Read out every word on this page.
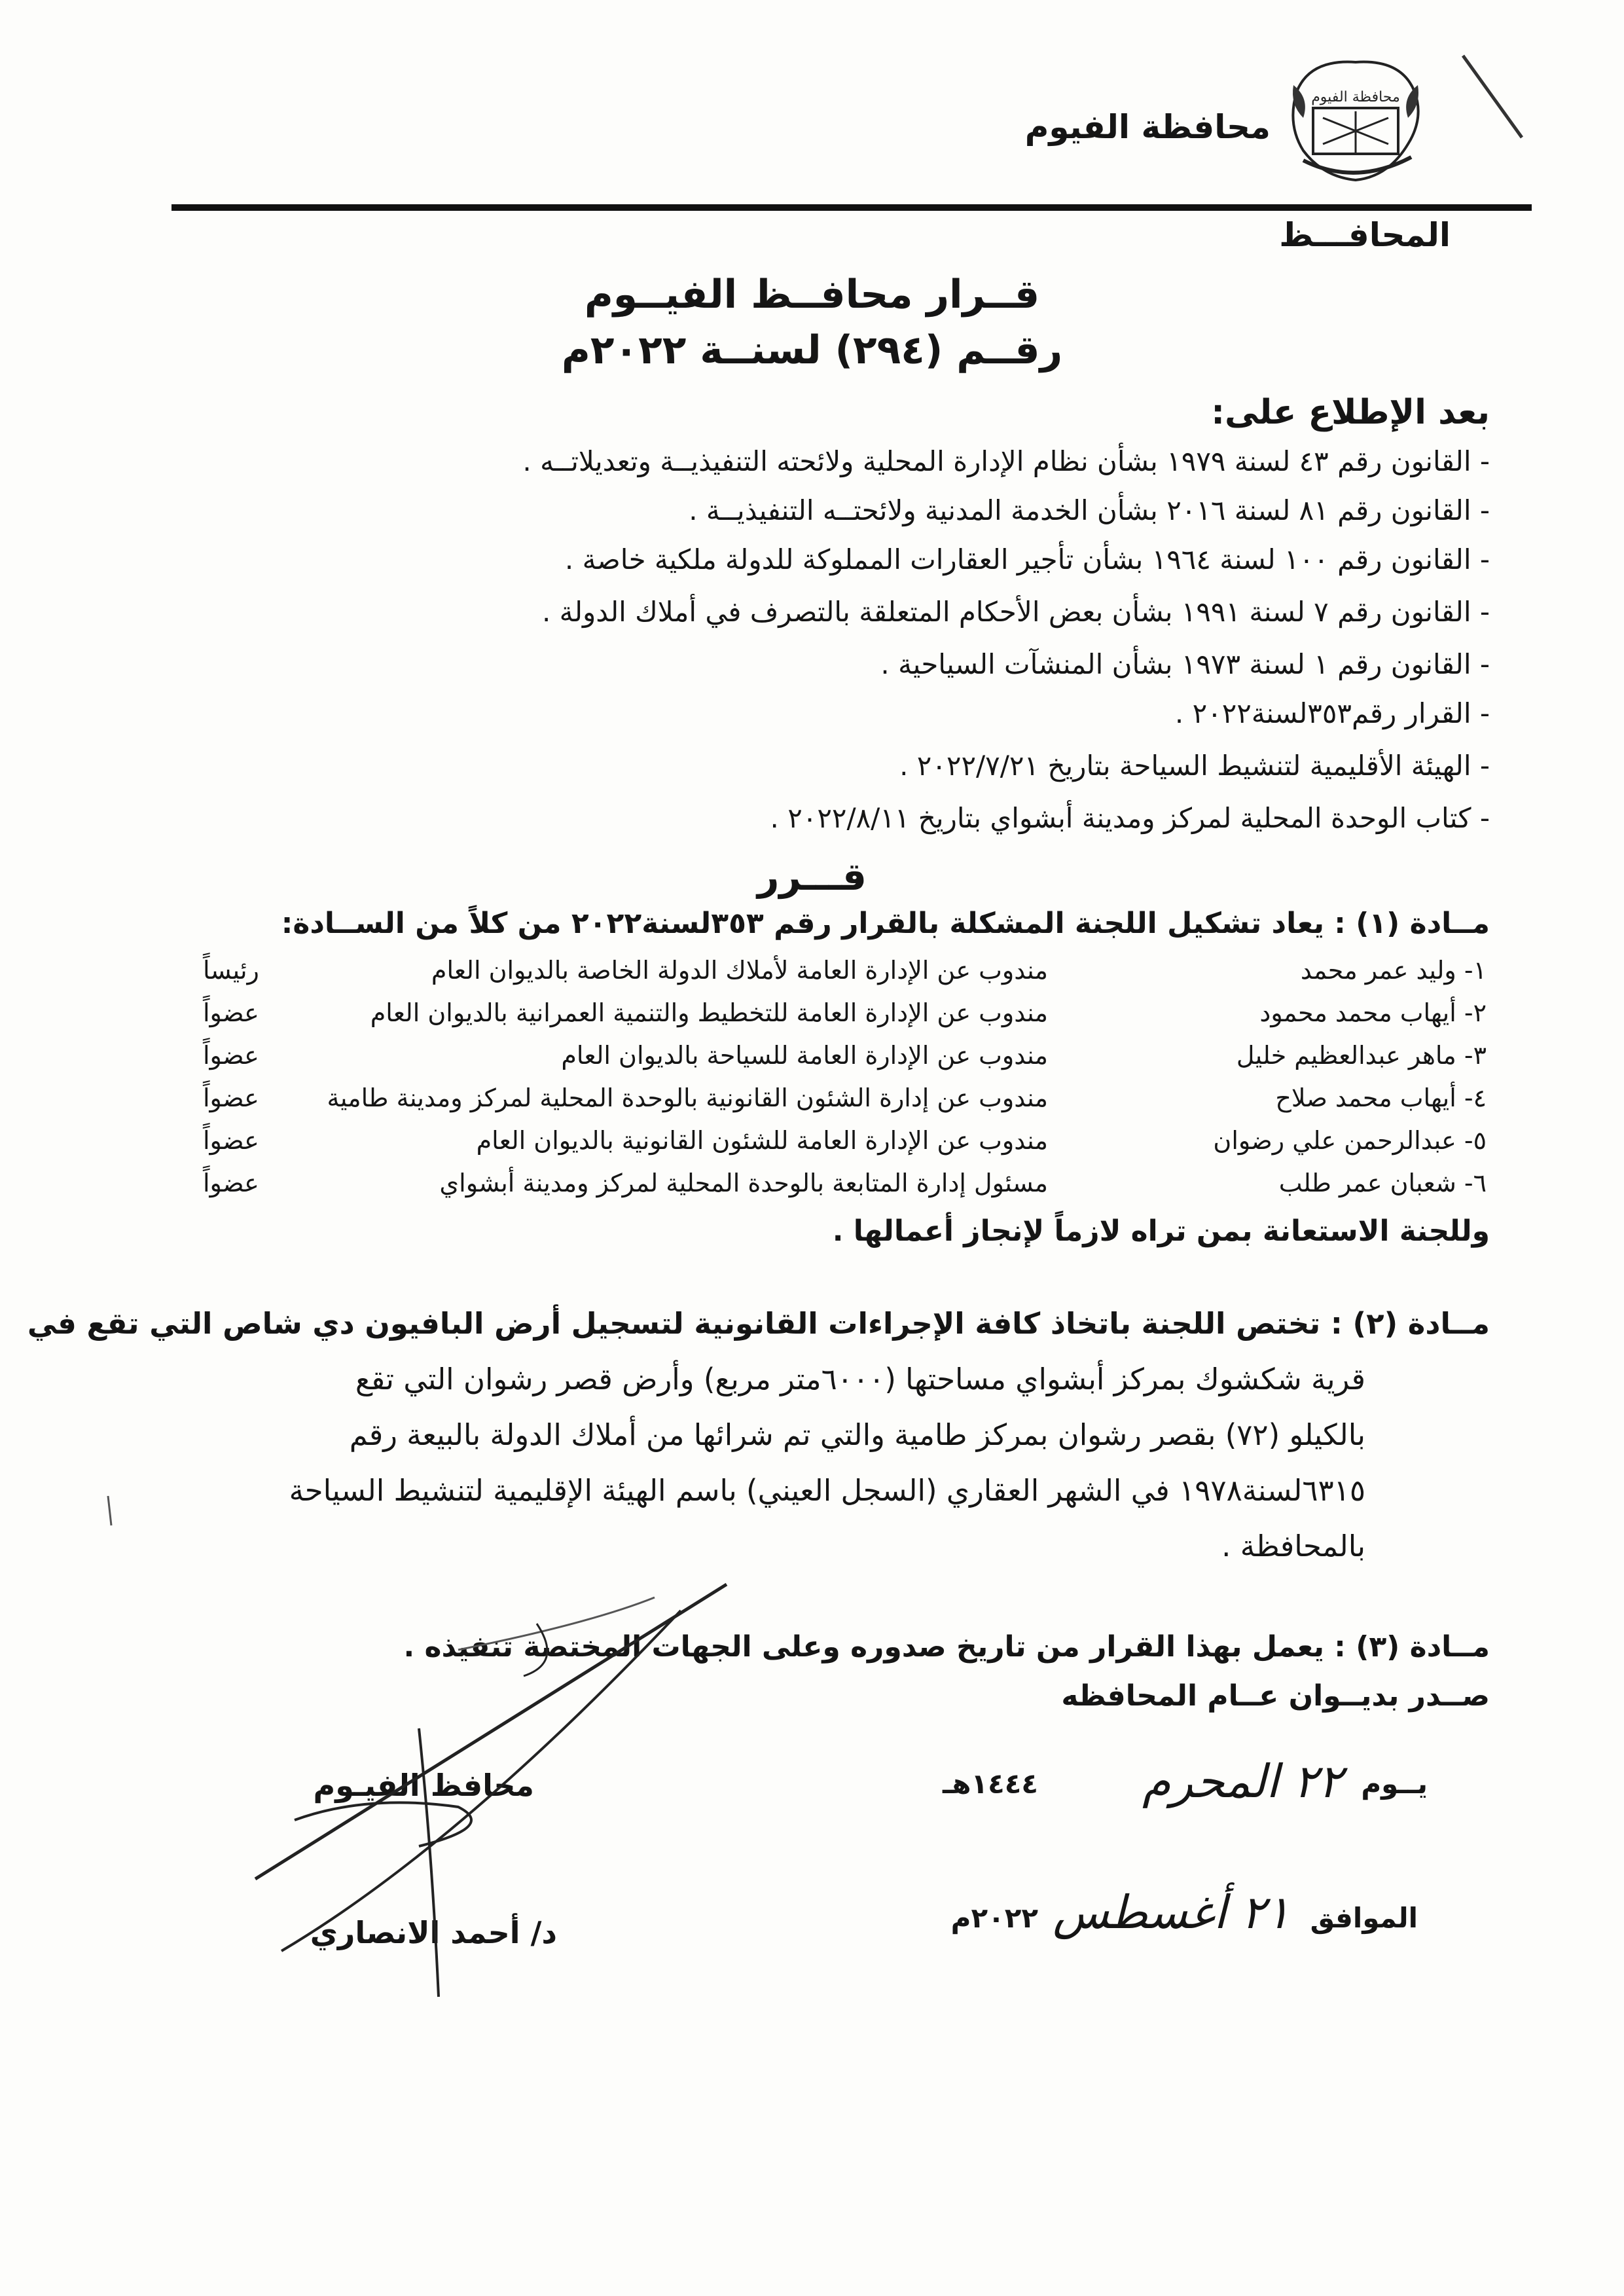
محافظة الفيوم
محافظة الفيوم
المحافـــظ
قــرار محافــظ الفيــوم
رقــم (٢٩٤) لسنــة ٢٠٢٢م
بعد الإطلاع على:
- القانون رقم ٤٣ لسنة ١٩٧٩ بشأن نظام الإدارة المحلية ولائحته التنفيذيــة وتعديلاتــه .
- القانون رقم ٨١ لسنة ٢٠١٦ بشأن الخدمة المدنية ولائحتــه التنفيذيــة .
- القانون رقم ١٠٠ لسنة ١٩٦٤ بشأن تأجير العقارات المملوكة للدولة ملكية خاصة .
- القانون رقم ٧ لسنة ١٩٩١ بشأن بعض الأحكام المتعلقة بالتصرف في أملاك الدولة .
- القانون رقم ١ لسنة ١٩٧٣ بشأن المنشآت السياحية .
- القرار رقم٣٥٣لسنة٢٠٢٢ .
- الهيئة الأقليمية لتنشيط السياحة بتاريخ ٢٠٢٢/٧/٢١ .
- كتاب الوحدة المحلية لمركز ومدينة أبشواي بتاريخ ٢٠٢٢/٨/١١ .
قـــرر
مــادة (١) : يعاد تشكيل اللجنة المشكلة بالقرار رقم ٣٥٣لسنة٢٠٢٢ من كلاً من الســادة:
١- وليد عمر محمد
مندوب عن الإدارة العامة لأملاك الدولة الخاصة بالديوان العام
رئيساً
٢- أيهاب محمد محمود
مندوب عن الإدارة العامة للتخطيط والتنمية العمرانية بالديوان العام
عضواً
٣- ماهر عبدالعظيم خليل
مندوب عن الإدارة العامة للسياحة بالديوان العام
عضواً
٤- أيهاب محمد صلاح
مندوب عن إدارة الشئون القانونية بالوحدة المحلية لمركز ومدينة طامية
عضواً
٥- عبدالرحمن علي رضوان
مندوب عن الإدارة العامة للشئون القانونية بالديوان العام
عضواً
٦- شعبان عمر طلب
مسئول إدارة المتابعة بالوحدة المحلية لمركز ومدينة أبشواي
عضواً
وللجنة الاستعانة بمن تراه لازماً لإنجاز أعمالها .
مــادة (٢) : تختص اللجنة باتخاذ كافة الإجراءات القانونية لتسجيل أرض البافيون دي شاص التي تقع في
قرية شكشوك بمركز أبشواي مساحتها (٦٠٠٠متر مربع) وأرض قصر رشوان التي تقع
بالكيلو (٧٢) بقصر رشوان بمركز طامية والتي تم شرائها من أملاك الدولة بالبيعة رقم
٦٣١٥لسنة١٩٧٨ في الشهر العقاري (السجل العيني) باسم الهيئة الإقليمية لتنشيط السياحة
بالمحافظة .
مــادة (٣) : يعمل بهذا القرار من تاريخ صدوره وعلى الجهات المختصة تنفيذه .
صــدر بديــوان عــام المحافظه
يــوم
٢٢ المحرم
١٤٤٤هـ
الموافق
٢١ أغسطس
٢٠٢٢م
محافظ الفيـوم
د/ أحمد الانصاري
